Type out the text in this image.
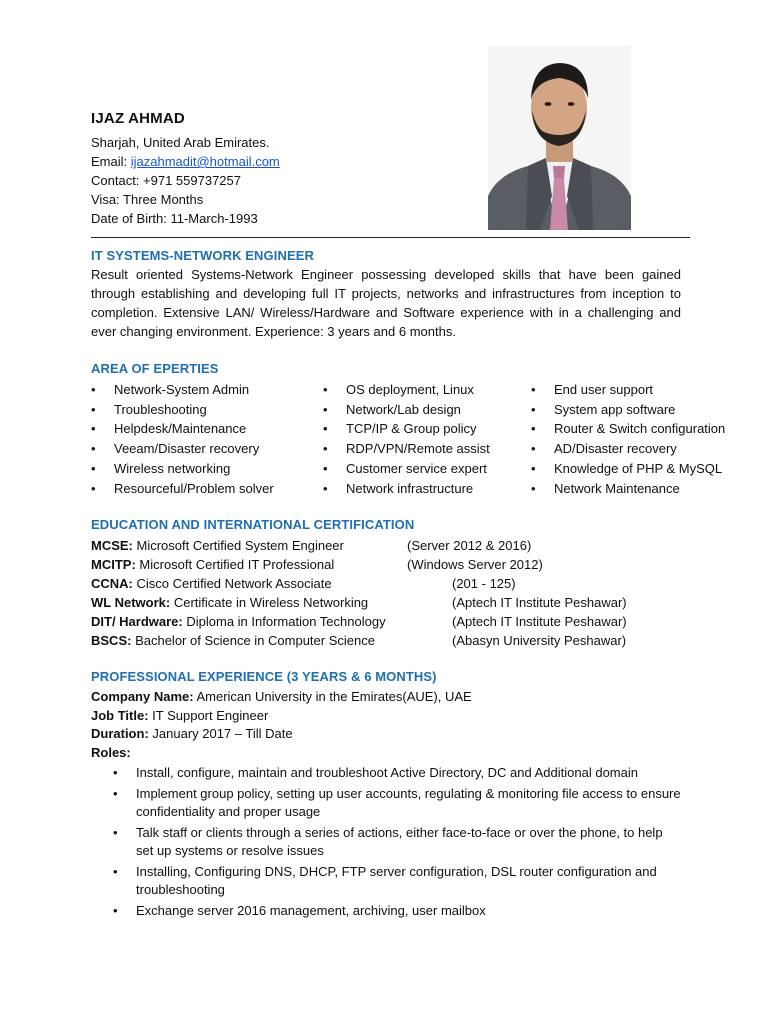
IJAZ AHMAD
Sharjah, United Arab Emirates.
Email: ijazahmadit@hotmail.com
Contact: +971 559737257
Visa: Three Months
Date of Birth: 11-March-1993
IT SYSTEMS-NETWORK ENGINEER
Result oriented Systems-Network Engineer possessing developed skills that have been gained through establishing and developing full IT projects, networks and infrastructures from inception to completion. Extensive LAN/ Wireless/Hardware and Software experience with in a challenging and ever changing environment. Experience: 3 years and 6 months.
AREA OF EPERTIES
• Network-System Admin
• Troubleshooting
• Helpdesk/Maintenance
• Veeam/Disaster recovery
• Wireless networking
• Resourceful/Problem solver
• OS deployment, Linux
• Network/Lab design
• TCP/IP & Group policy
• RDP/VPN/Remote assist
• Customer service expert
• Network infrastructure
• End user support
• System app software
• Router & Switch configuration
• AD/Disaster recovery
• Knowledge of PHP & MySQL
• Network Maintenance
EDUCATION AND INTERNATIONAL CERTIFICATION
MCSE: Microsoft Certified System Engineer	(Server 2012 & 2016)
MCITP: Microsoft Certified IT Professional	(Windows Server 2012)
CCNA: Cisco Certified Network Associate	(201 - 125)
WL Network: Certificate in Wireless Networking	(Aptech IT Institute Peshawar)
DIT/ Hardware: Diploma in Information Technology	(Aptech IT Institute Peshawar)
BSCS: Bachelor of Science in Computer Science	(Abasyn University Peshawar)
PROFESSIONAL EXPERIENCE (3 YEARS & 6 MONTHS)
Company Name: American University in the Emirates(AUE), UAE
Job Title: IT Support Engineer
Duration: January 2017 – Till Date
Roles:
• Install, configure, maintain and troubleshoot Active Directory, DC and Additional domain
• Implement group policy, setting up user accounts, regulating & monitoring file access to ensure confidentiality and proper usage
• Talk staff or clients through a series of actions, either face-to-face or over the phone, to help set up systems or resolve issues
• Installing, Configuring DNS, DHCP, FTP server configuration, DSL router configuration and troubleshooting
• Exchange server 2016 management, archiving, user mailbox
